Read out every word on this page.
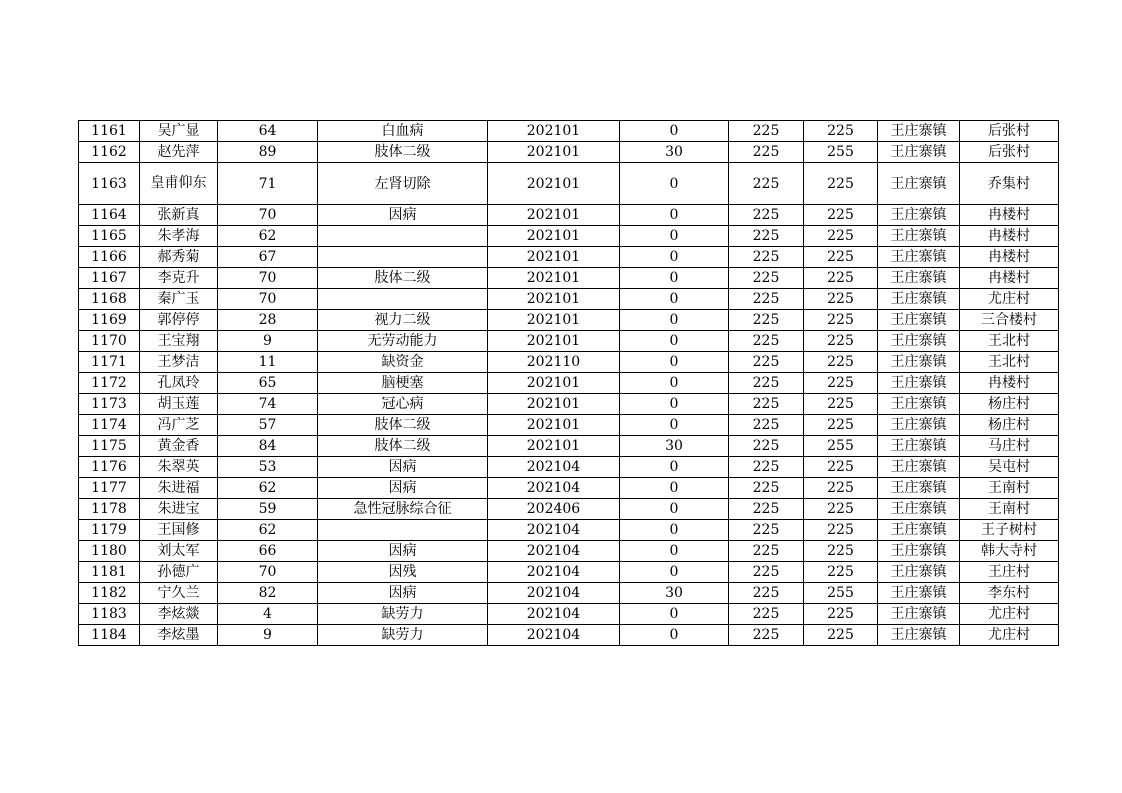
1161	吴广显	64	白血病	202101	0	225	225	王庄寨镇	后张村
1162	赵先萍	89	肢体二级	202101	30	225	255	王庄寨镇	后张村
1163	皇甫仰东	71	左肾切除	202101	0	225	225	王庄寨镇	乔集村
1164	张新真	70	因病	202101	0	225	225	王庄寨镇	冉楼村
1165	朱孝海	62		202101	0	225	225	王庄寨镇	冉楼村
1166	郝秀菊	67		202101	0	225	225	王庄寨镇	冉楼村
1167	李克升	70	肢体二级	202101	0	225	225	王庄寨镇	冉楼村
1168	秦广玉	70		202101	0	225	225	王庄寨镇	尤庄村
1169	郭停停	28	视力二级	202101	0	225	225	王庄寨镇	三合楼村
1170	王宝翔	9	无劳动能力	202101	0	225	225	王庄寨镇	王北村
1171	王梦洁	11	缺资金	202110	0	225	225	王庄寨镇	王北村
1172	孔凤玲	65	脑梗塞	202101	0	225	225	王庄寨镇	冉楼村
1173	胡玉莲	74	冠心病	202101	0	225	225	王庄寨镇	杨庄村
1174	冯广芝	57	肢体二级	202101	0	225	225	王庄寨镇	杨庄村
1175	黄金香	84	肢体二级	202101	30	225	255	王庄寨镇	马庄村
1176	朱翠英	53	因病	202104	0	225	225	王庄寨镇	吴屯村
1177	朱进福	62	因病	202104	0	225	225	王庄寨镇	王南村
1178	朱进宝	59	急性冠脉综合征	202406	0	225	225	王庄寨镇	王南村
1179	王国修	62		202104	0	225	225	王庄寨镇	王子树村
1180	刘太军	66	因病	202104	0	225	225	王庄寨镇	韩大寺村
1181	孙德广	70	因残	202104	0	225	225	王庄寨镇	王庄村
1182	宁久兰	82	因病	202104	30	225	255	王庄寨镇	李东村
1183	李炫燚	4	缺劳力	202104	0	225	225	王庄寨镇	尤庄村
1184	李炫墨	9	缺劳力	202104	0	225	225	王庄寨镇	尤庄村
